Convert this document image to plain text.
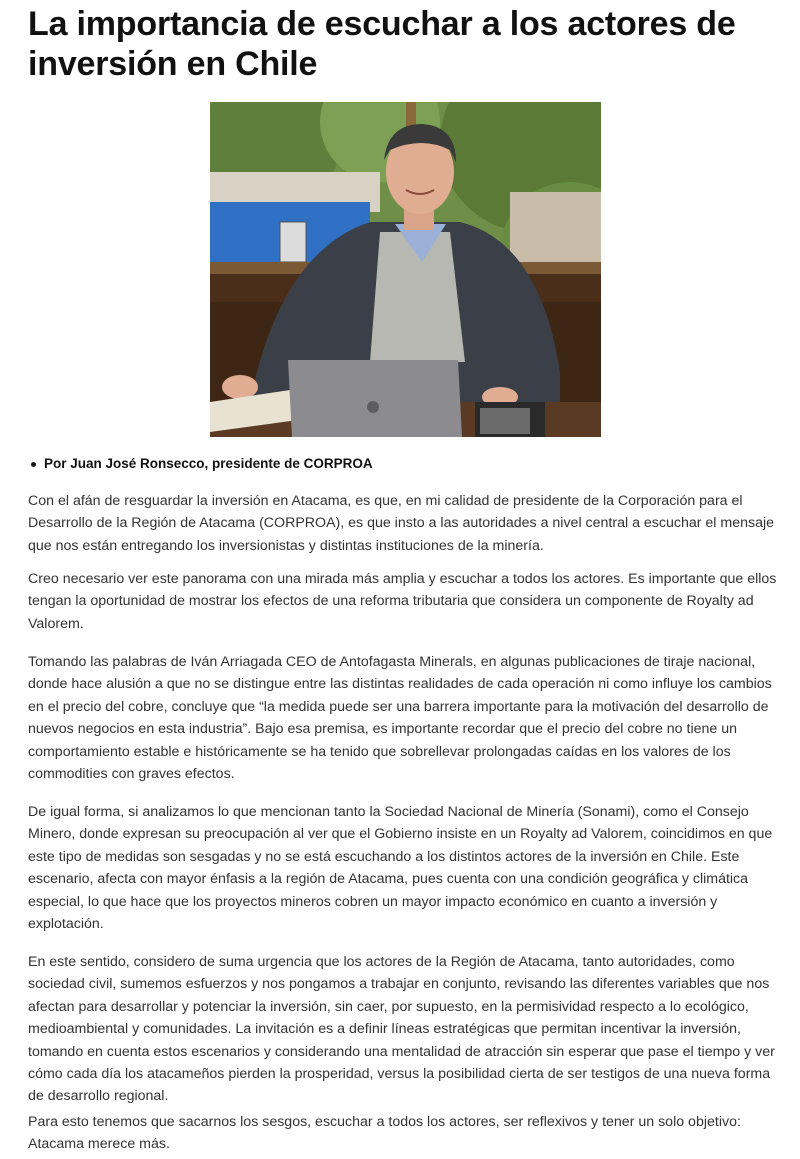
La importancia de escuchar a los actores de inversión en Chile
Por Juan José Ronsecco, presidente de CORPROA

Con el afán de resguardar la inversión en Atacama, es que, en mi calidad de presidente de la Corporación para el Desarrollo de la Región de Atacama (CORPROA), es que insto a las autoridades a nivel central a escuchar el mensaje que nos están entregando los inversionistas y distintas instituciones de la minería.

Creo necesario ver este panorama con una mirada más amplia y escuchar a todos los actores. Es importante que ellos tengan la oportunidad de mostrar los efectos de una reforma tributaria que considera un componente de Royalty ad Valorem.

Tomando las palabras de Iván Arriagada CEO de Antofagasta Minerals, en algunas publicaciones de tiraje nacional, donde hace alusión a que no se distingue entre las distintas realidades de cada operación ni como influye los cambios en el precio del cobre, concluye que “la medida puede ser una barrera importante para la motivación del desarrollo de nuevos negocios en esta industria”. Bajo esa premisa, es importante recordar que el precio del cobre no tiene un comportamiento estable e históricamente se ha tenido que sobrellevar prolongadas caídas en los valores de los commodities con graves efectos.

De igual forma, si analizamos lo que mencionan tanto la Sociedad Nacional de Minería (Sonami), como el Consejo Minero, donde expresan su preocupación al ver que el Gobierno insiste en un Royalty ad Valorem, coincidimos en que este tipo de medidas son sesgadas y no se está escuchando a los distintos actores de la inversión en Chile. Este escenario, afecta con mayor énfasis a la región de Atacama, pues cuenta con una condición geográfica y climática especial, lo que hace que los proyectos mineros cobren un mayor impacto económico en cuanto a inversión y explotación.

En este sentido, considero de suma urgencia que los actores de la Región de Atacama, tanto autoridades, como sociedad civil, sumemos esfuerzos y nos pongamos a trabajar en conjunto, revisando las diferentes variables que nos afectan para desarrollar y potenciar la inversión, sin caer, por supuesto, en la permisividad respecto a lo ecológico, medioambiental y comunidades. La invitación es a definir líneas estratégicas que permitan incentivar la inversión, tomando en cuenta estos escenarios y considerando una mentalidad de atracción sin esperar que pase el tiempo y ver cómo cada día los atacameños pierden la prosperidad, versus la posibilidad cierta de ser testigos de una nueva forma de desarrollo regional.

Para esto tenemos que sacarnos los sesgos, escuchar a todos los actores, ser reflexivos y tener un solo objetivo: Atacama merece más.
